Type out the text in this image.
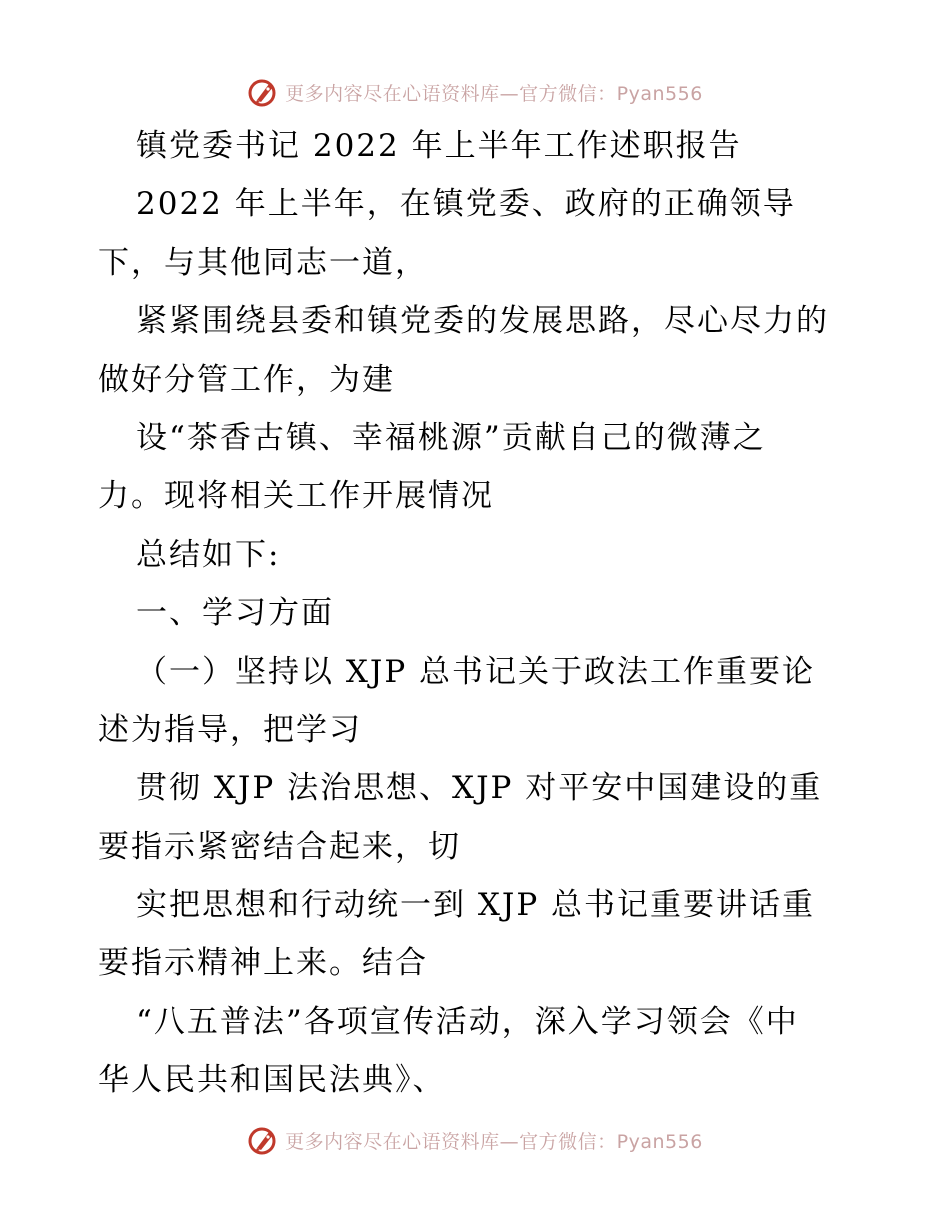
更多内容尽在心语资料库—官方微信：Pyan556
镇党委书记 2022 年上半年工作述职报告
2022 年上半年，在镇党委、政府的正确领导
下，与其他同志一道，
紧紧围绕县委和镇党委的发展思路，尽心尽力的
做好分管工作，为建
设“茶香古镇、幸福桃源”贡献自己的微薄之
力。现将相关工作开展情况
总结如下:
一、学习方面
（一）坚持以 XJP 总书记关于政法工作重要论
述为指导，把学习
贯彻 XJP 法治思想、XJP 对平安中国建设的重
要指示紧密结合起来，切
实把思想和行动统一到 XJP 总书记重要讲话重
要指示精神上来。结合
“八五普法”各项宣传活动，深入学习领会《中
华人民共和国民法典》、
更多内容尽在心语资料库—官方微信：Pyan556
